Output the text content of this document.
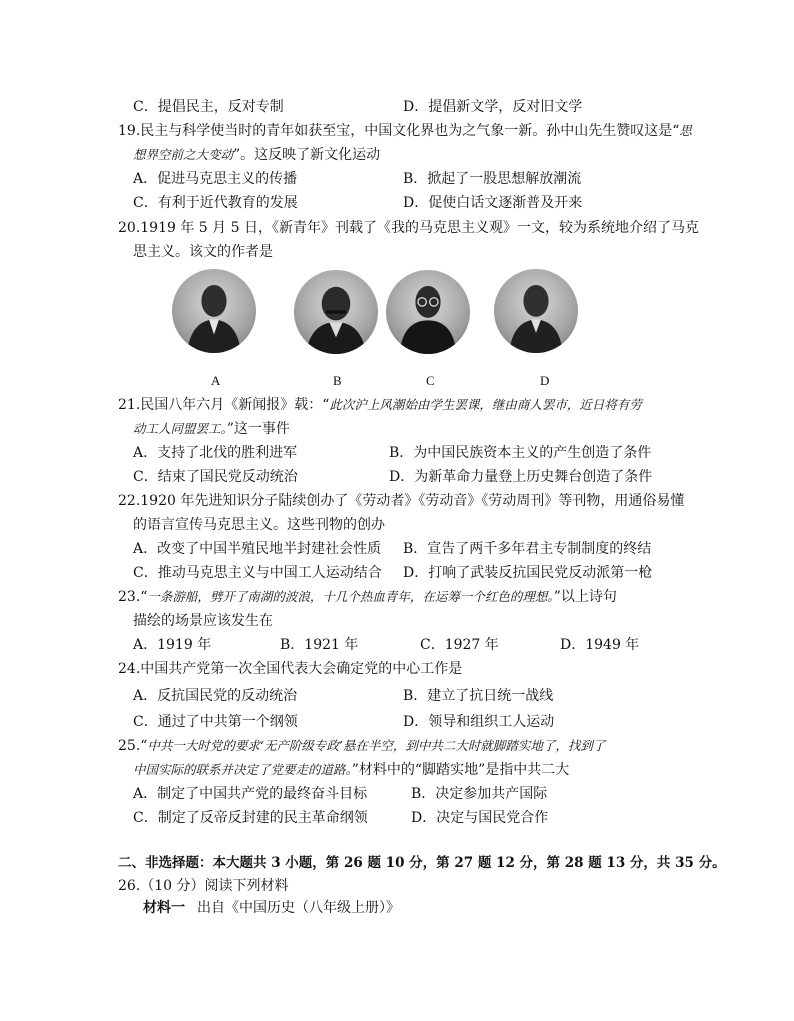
C．提倡民主，反对专制	D．提倡新文学，反对旧文学
19.民主与科学使当时的青年如获至宝，中国文化界也为之气象一新。孙中山先生赞叹这是“思
想界空前之大变动”。这反映了新文化运动
A．促进马克思主义的传播	B．掀起了一股思想解放潮流
C．有利于近代教育的发展	D．促使白话文逐渐普及开来
20.1919 年 5 月 5 日，《新青年》刊载了《我的马克思主义观》一文，较为系统地介绍了马克
思主义。该文的作者是
A	B	C	D
21.民国八年六月《新闻报》载：“此次沪上风潮始由学生罢课，继由商人罢市，近日将有劳
动工人同盟罢工。”这一事件
A．支持了北伐的胜利进军	B．为中国民族资本主义的产生创造了条件
C．结束了国民党反动统治	D．为新革命力量登上历史舞台创造了条件
22.1920 年先进知识分子陆续创办了《劳动者》《劳动音》《劳动周刊》等刊物，用通俗易懂
的语言宣传马克思主义。这些刊物的创办
A．改变了中国半殖民地半封建社会性质 B．宣告了两千多年君主专制制度的终结
C．推动马克思主义与中国工人运动结合 D．打响了武装反抗国民党反动派第一枪
23.“一条游船，劈开了南湖的波浪，十几个热血青年，在运筹一个红色的理想。”以上诗句
描绘的场景应该发生在
A．1919 年	B．1921 年	C．1927 年	D．1949 年
24.中国共产党第一次全国代表大会确定党的中心工作是
A．反抗国民党的反动统治	B．建立了抗日统一战线
C．通过了中共第一个纲领	D．领导和组织工人运动
25.“中共一大时党的要求‘无产阶级专政’悬在半空，到中共二大时就脚踏实地了，找到了
中国实际的联系并决定了党要走的道路。”材料中的“脚踏实地”是指中共二大
A．制定了中国共产党的最终奋斗目标	B．决定参加共产国际
C．制定了反帝反封建的民主革命纲领	D．决定与国民党合作
二、非选择题：本大题共 3 小题，第 26 题 10 分，第 27 题 12 分，第 28 题 13 分，共 35 分。
26.（10 分）阅读下列材料
材料一 出自《中国历史（八年级上册）》
